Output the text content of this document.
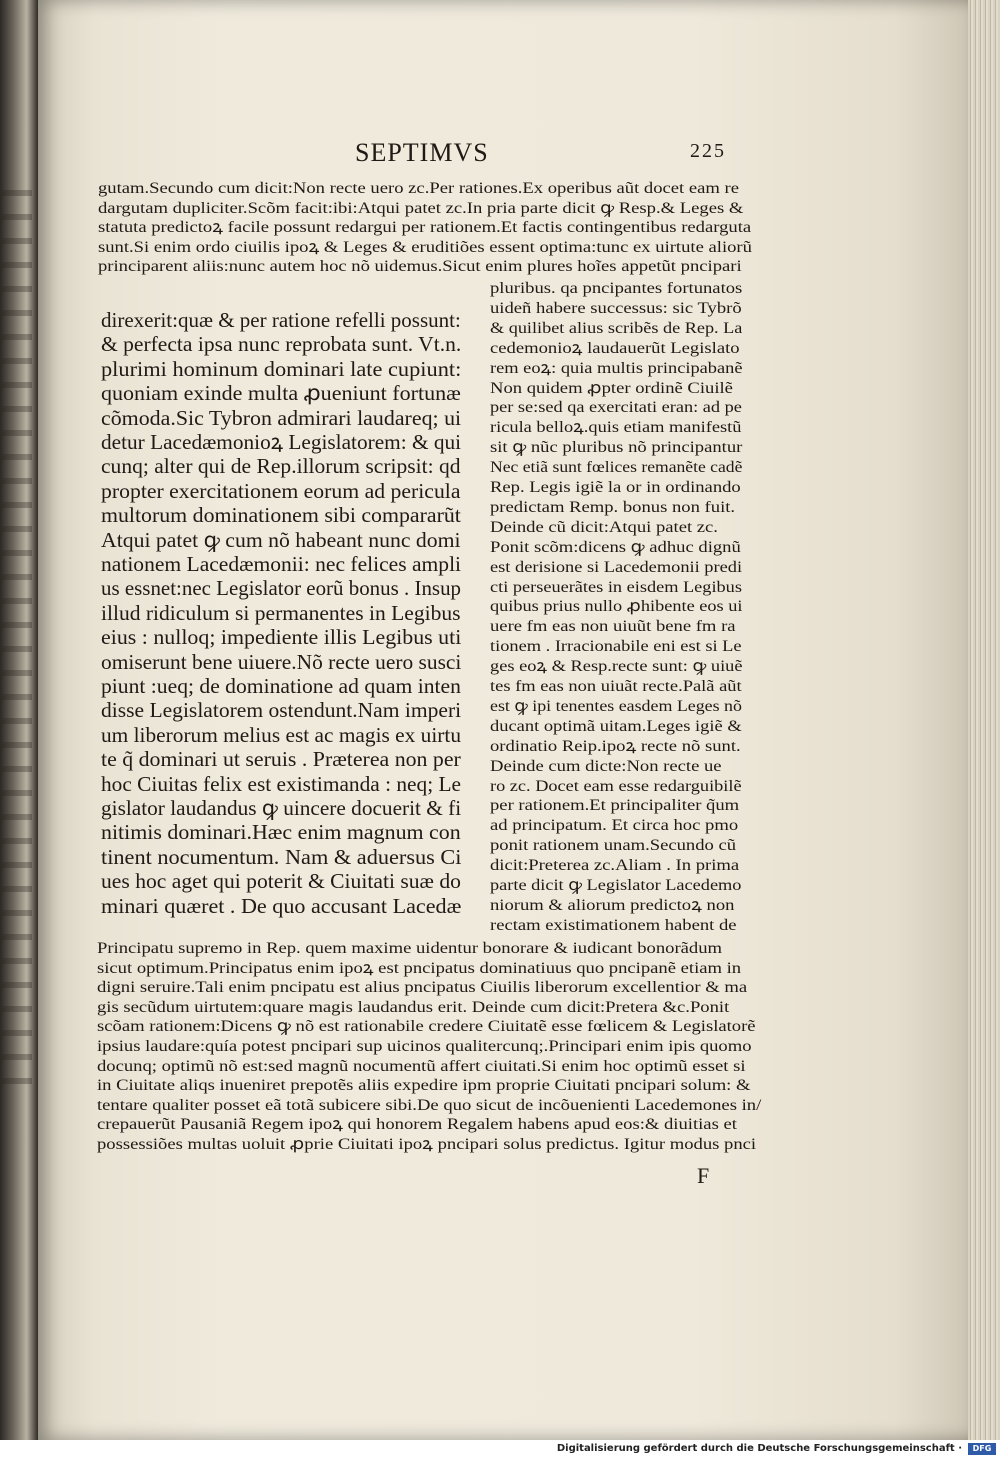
SEPTIMVS	225
gutam.Secundo cum dicit:Non recte uero zc.Per rationes.Ex operibus aũt docet eam re
dargutam dupliciter.Scõm facit:ibi:Atqui patet zc.In pria parte dicit ꝙ Resp.& Leges &
statuta predictoꝝ facile possunt redargui per rationem.Et factis contingentibus redarguta
sunt.Si enim ordo ciuilis ipoꝝ & Leges & eruditiões essent optima:tunc ex uirtute aliorũ
principarent aliis:nunc autem hoc nõ uidemus.Sicut enim plures hoĩes appetũt pncipari
direxerit:quæ & per ratione refelli possunt:
& perfecta ipsa nunc reprobata sunt. Vt.n.
plurimi hominum dominari late cupiunt:
quoniam exinde multa ꝓueniunt fortunæ
cõmoda.Sic Tybron admirari laudareq; ui
detur Lacedæmonioꝝ Legislatorem: & qui
cunq; alter qui de Rep.illorum scripsit: qd
propter exercitationem eorum ad pericula
multorum dominationem sibi compararũt
Atqui patet ꝙ cum nõ habeant nunc domi
nationem Lacedæmonii: nec felices ampli
us essnet:nec Legislator eorũ bonus . Insup
illud ridiculum si permanentes in Legibus
eius : nulloq; impediente illis Legibus uti
omiserunt bene uiuere.Nõ recte uero susci
piunt :ueq; de dominatione ad quam inten
disse Legislatorem ostendunt.Nam imperi
um liberorum melius est ac magis ex uirtu
te q̃ dominari ut seruis . Præterea non per
hoc Ciuitas felix est existimanda : neq; Le
gislator laudandus ꝙ uincere docuerit & fi
nitimis dominari.Hæc enim magnum con
tinent nocumentum. Nam & aduersus Ci
ues hoc aget qui poterit & Ciuitati suæ do
minari quæret . De quo accusant Lacedæ
pluribus. qa pncipantes fortunatos
uideñ habere successus: sic Tybrõ
& quilibet alius scribẽs de Rep. La
cedemonioꝝ laudauerũt Legislato
rem eoꝝ: quia multis principabanẽ
Non quidem ꝓpter ordinẽ Ciuilẽ
per se:sed qa exercitati eran: ad pe
ricula belloꝝ.quis etiam manifestũ
sit ꝙ nũc pluribus nõ principantur
Nec etiã sunt fœlices remanẽte cadẽ
Rep. Legis igiẽ la or in ordinando
predictam Remp. bonus non fuit.
Deinde cũ dicit:Atqui patet zc.
Ponit scõm:dicens ꝙ adhuc dignũ
est derisione si Lacedemonii predi
cti perseuerãtes in eisdem Legibus
quibus prius nullo ꝓhibente eos ui
uere fm eas non uiuũt bene fm ra
tionem . Irracionabile eni est si Le
ges eoꝝ & Resp.recte sunt: ꝙ uiuẽ
tes fm eas non uiuãt recte.Palã aũt
est ꝙ ipi tenentes easdem Leges nõ
ducant optimã uitam.Leges igiẽ &
ordinatio Reip.ipoꝝ recte nõ sunt.
Deinde cum dicte:Non recte ue
ro zc. Docet eam esse redarguibilẽ
per rationem.Et principaliter q̃um
ad principatum. Et circa hoc pmo
ponit rationem unam.Secundo cũ
dicit:Preterea zc.Aliam . In prima
parte dicit ꝙ Legislator Lacedemo
niorum & aliorum predictoꝝ non
rectam existimationem habent de
Principatu supremo in Rep. quem maxime uidentur bonorare & iudicant bonorãdum
sicut optimum.Principatus enim ipoꝝ est pncipatus dominatiuus quo pncipanẽ etiam in
digni seruire.Tali enim pncipatu est alius pncipatus Ciuilis liberorum excellentior & ma
gis secũdum uirtutem:quare magis laudandus erit. Deinde cum dicit:Pretera &c.Ponit
scõam rationem:Dicens ꝙ nõ est rationabile credere Ciuitatẽ esse fœlicem & Legislatorẽ
ipsius laudare:quía potest pncipari sup uicinos qualitercunq;.Principari enim ipis quomo
docunq; optimũ nõ est:sed magnũ nocumentũ affert ciuitati.Si enim hoc optimũ esset si
in Ciuitate aliqs inueniret prepotẽs aliis expedire ipm proprie Ciuitati pncipari solum: &
tentare qualiter posset eã totã subicere sibi.De quo sicut de incõuenienti Lacedemones in/
crepauerũt Pausaniã Regem ipoꝝ qui honorem Regalem habens apud eos:& diuitias et
possessiões multas uoluit ꝓprie Ciuitati ipoꝝ pncipari solus predictus. Igitur modus pnci
F
Digitalisierung gefördert durch die Deutsche Forschungsgemeinschaft ·	DFG
